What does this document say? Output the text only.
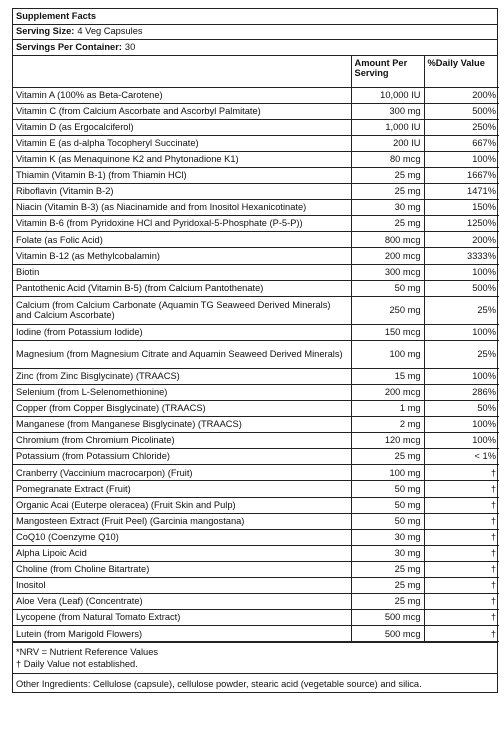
Supplement Facts
Serving Size: 4 Veg Capsules
Servings Per Container: 30
	Amount Per Serving	%Daily Value
Vitamin A (100% as Beta-Carotene)	10,000 IU	200%
Vitamin C (from Calcium Ascorbate and Ascorbyl Palmitate)	300 mg	500%
Vitamin D (as Ergocalciferol)	1,000 IU	250%
Vitamin E (as d-alpha Tocopheryl Succinate)	200 IU	667%
Vitamin K (as Menaquinone K2 and Phytonadione K1)	80 mcg	100%
Thiamin (Vitamin B-1) (from Thiamin HCl)	25 mg	1667%
Riboflavin (Vitamin B-2)	25 mg	1471%
Niacin (Vitamin B-3) (as Niacinamide and from Inositol Hexanicotinate)	30 mg	150%
Vitamin B-6 (from Pyridoxine HCl and Pyridoxal-5-Phosphate (P-5-P))	25 mg	1250%
Folate (as Folic Acid)	800 mcg	200%
Vitamin B-12 (as Methylcobalamin)	200 mcg	3333%
Biotin	300 mcg	100%
Pantothenic Acid (Vitamin B-5) (from Calcium Pantothenate)	50 mg	500%
Calcium (from Calcium Carbonate (Aquamin TG Seaweed Derived Minerals) and Calcium Ascorbate)	250 mg	25%
Iodine (from Potassium Iodide)	150 mcg	100%
Magnesium (from Magnesium Citrate and Aquamin Seaweed Derived Minerals)	100 mg	25%
Zinc (from Zinc Bisglycinate) (TRAACS)	15 mg	100%
Selenium (from L-Selenomethionine)	200 mcg	286%
Copper (from Copper Bisglycinate) (TRAACS)	1 mg	50%
Manganese (from Manganese Bisglycinate) (TRAACS)	2 mg	100%
Chromium (from Chromium Picolinate)	120 mcg	100%
Potassium (from Potassium Chloride)	25 mg	< 1%
Cranberry (Vaccinium macrocarpon) (Fruit)	100 mg	†
Pomegranate Extract (Fruit)	50 mg	†
Organic Acai (Euterpe oleracea) (Fruit Skin and Pulp)	50 mg	†
Mangosteen Extract (Fruit Peel) (Garcinia mangostana)	50 mg	†
CoQ10 (Coenzyme Q10)	30 mg	†
Alpha Lipoic Acid	30 mg	†
Choline (from Choline Bitartrate)	25 mg	†
Inositol	25 mg	†
Aloe Vera (Leaf) (Concentrate)	25 mg	†
Lycopene (from Natural Tomato Extract)	500 mcg	†
Lutein (from Marigold Flowers)	500 mcg	†
*NRV = Nutrient Reference Values
† Daily Value not established.
Other Ingredients: Cellulose (capsule), cellulose powder, stearic acid (vegetable source) and silica.
